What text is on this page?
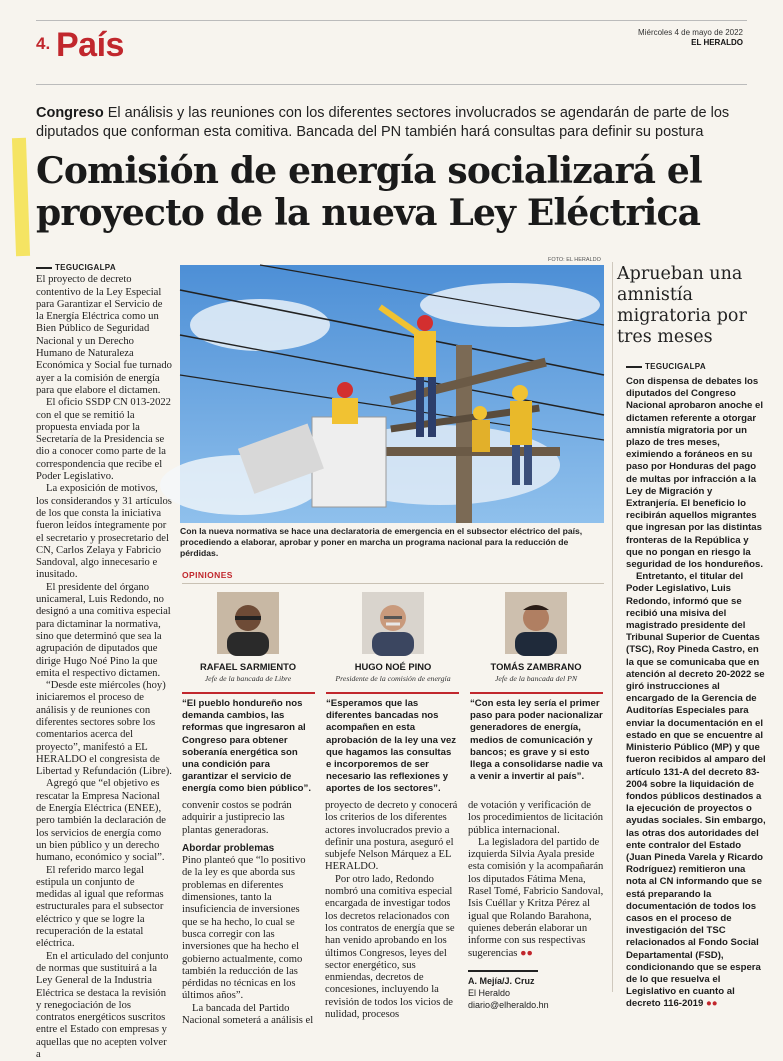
4. País	Miércoles 4 de mayo de 2022
EL HERALDO
Congreso El análisis y las reuniones con los diferentes sectores involucrados se agendarán de parte de los diputados que conforman esta comitiva. Bancada del PN también hará consultas para definir su postura
Comisión de energía socializará el proyecto de la nueva Ley Eléctrica
TEGUCIGALPA

El proyecto de decreto contentivo de la Ley Especial para Garantizar el Servicio de la Energía Eléctrica como un Bien Público de Seguridad Nacional y un Derecho Humano de Naturaleza Económica y Social fue turnado ayer a la comisión de energía para que elabore el dictamen.

El oficio SSDP CN 013-2022 con el que se remitió la propuesta enviada por la Secretaría de la Presidencia se dio a conocer como parte de la correspondencia que recibe el Poder Legislativo.

La exposición de motivos, los considerandos y 31 artículos de los que consta la iniciativa fueron leídos íntegramente por el secretario y prosecretario del CN, Carlos Zelaya y Fabricio Sandoval, algo innecesario e inusitado.

El presidente del órgano unicameral, Luis Redondo, no designó a una comitiva especial para dictaminar la normativa, sino que determinó que sea la agrupación de diputados que dirige Hugo Noé Pino la que emita el respectivo dictamen.

“Desde este miércoles (hoy) iniciaremos el proceso de análisis y de reuniones con diferentes sectores sobre los comentarios acerca del proyecto”, manifestó a EL HERALDO el congresista de Libertad y Refundación (Libre).

Agregó que “el objetivo es rescatar la Empresa Nacional de Energía Eléctrica (ENEE), pero también la declaración de los servicios de energía como un bien público y un derecho humano, económico y social”.

El referido marco legal estipula un conjunto de medidas al igual que reformas estructurales para el subsector eléctrico y que se logre la recuperación de la estatal eléctrica.

En el articulado del conjunto de normas que sustituirá a la Ley General de la Industria Eléctrica se destaca la revisión y renegociación de los contratos energéticos suscritos entre el Estado con empresas y aquellas que no acepten volver a

FOTO: EL HERALDO
Con la nueva normativa se hace una declaratoria de emergencia en el subsector eléctrico del país, procediendo a elaborar, aprobar y poner en marcha un programa nacional para la reducción de pérdidas.
OPINIONES
RAFAEL SARMIENTO
Jefe de la bancada de Libre
“El pueblo hondureño nos demanda cambios, las reformas que ingresaron al Congreso para obtener soberanía energética son una condición para garantizar el servicio de energía como bien público”.
HUGO NOÉ PINO
Presidente de la comisión de energía
“Esperamos que las diferentes bancadas nos acompañen en esta aprobación de la ley una vez que hagamos las consultas e incorporemos de ser necesario las reflexiones y aportes de los sectores”.
TOMÁS ZAMBRANO
Jefe de la bancada del PN
“Con esta ley sería el primer paso para poder nacionalizar generadores de energía, medios de comunicación y bancos; es grave y si esto llega a consolidarse nadie va a venir a invertir al país”.

convenir costos se podrán adquirir a justiprecio las plantas generadoras.

Abordar problemas

Pino planteó que “lo positivo de la ley es que aborda sus problemas en diferentes dimensiones, tanto la insuficiencia de inversiones que se ha hecho, lo cual se busca corregir con las inversiones que ha hecho el gobierno actualmente, como también la reducción de las pérdidas no técnicas en los últimos años”.

La bancada del Partido Nacional someterá a análisis el

proyecto de decreto y conocerá los criterios de los diferentes actores involucrados previo a definir una postura, aseguró el subjefe Nelson Márquez a EL HERALDO.

Por otro lado, Redondo nombró una comitiva especial encargada de investigar todos los decretos relacionados con los contratos de energía que se han venido aprobando en los últimos Congresos, leyes del sector energético, sus enmiendas, decretos de concesiones, incluyendo la revisión de todos los vicios de nulidad, procesos

de votación y verificación de los procedimientos de licitación pública internacional.

La legisladora del partido de izquierda Silvia Ayala preside esta comisión y la acompañarán los diputados Fátima Mena, Rasel Tomé, Fabricio Sandoval, Isis Cuéllar y Kritza Pérez al igual que Rolando Barahona, quienes deberán elaborar un informe con sus respectivas sugerencias ●●

A. Mejía/J. Cruz
El Heraldo
diario@elheraldo.hn
Aprueban una amnistía migratoria por tres meses
TEGUCIGALPA

Con dispensa de debates los diputados del Congreso Nacional aprobaron anoche el dictamen referente a otorgar amnistía migratoria por un plazo de tres meses, eximiendo a foráneos en su paso por Honduras del pago de multas por infracción a la Ley de Migración y Extranjería. El beneficio lo recibirán aquellos migrantes que ingresan por las distintas fronteras de la República y que no pongan en riesgo la seguridad de los hondureños.

Entretanto, el titular del Poder Legislativo, Luis Redondo, informó que se recibió una misiva del magistrado presidente del Tribunal Superior de Cuentas (TSC), Roy Pineda Castro, en la que se comunicaba que en atención al decreto 20-2022 se giró instrucciones al encargado de la Gerencia de Auditorías Especiales para enviar la documentación en el estado en que se encuentre al Ministerio Público (MP) y que fueron recibidos al amparo del artículo 131-A del decreto 83-2004 sobre la liquidación de fondos públicos destinados a la ejecución de proyectos o ayudas sociales. Sin embargo, las otras dos autoridades del ente contralor del Estado (Juan Pineda Varela y Ricardo Rodríguez) remitieron una nota al CN informando que se está preparando la documentación de todos los casos en el proceso de investigación del TSC relacionados al Fondo Social Departamental (FSD), condicionando que se espera de lo que resuelva el Legislativo en cuanto al decreto 116-2019 ●●
